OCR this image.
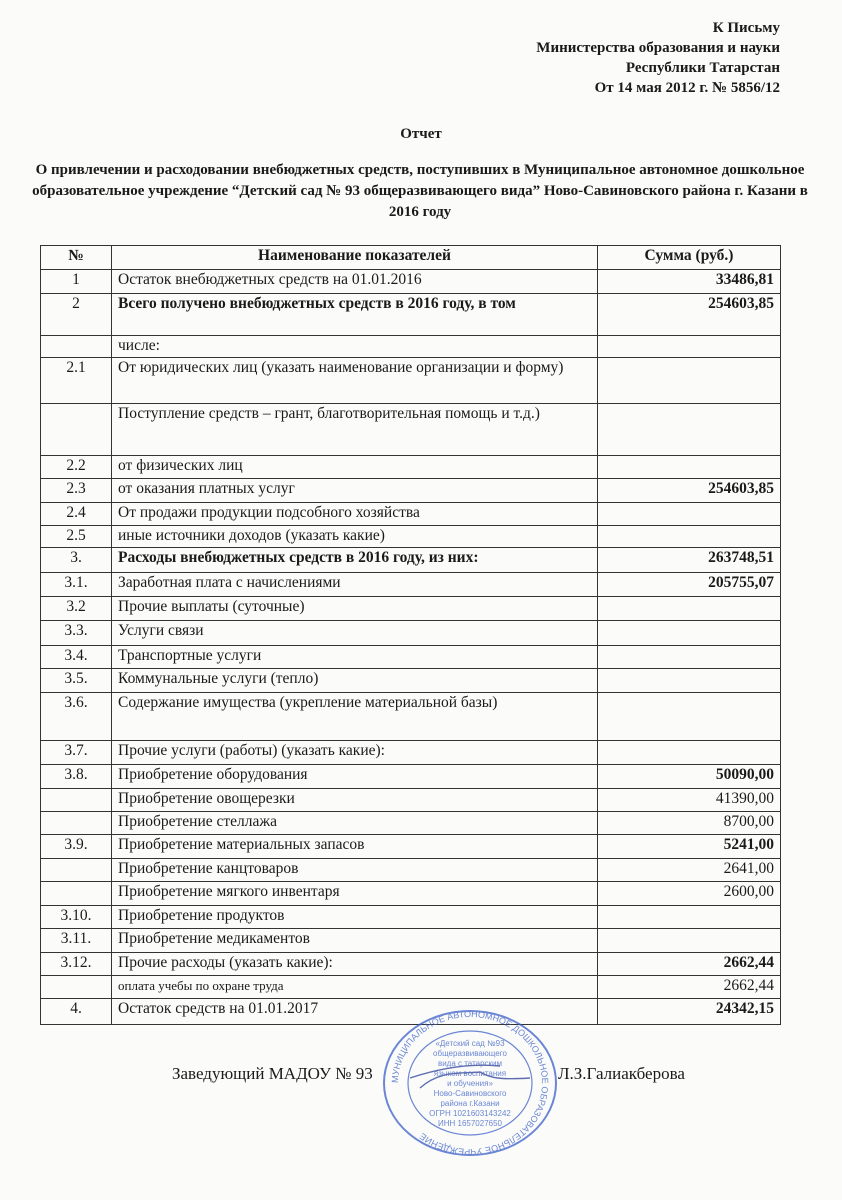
К Письму
Министерства образования и науки
Республики Татарстан
От 14 мая 2012 г. № 5856/12
Отчет
О привлечении и расходовании внебюджетных средств, поступивших в Муниципальное автономное дошкольное образовательное учреждение “Детский сад № 93 общеразвивающего вида” Ново-Савиновского района г. Казани в 2016 году
№	Наименование показателей	Сумма (руб.)
1	Остаток внебюджетных средств на 01.01.2016	33486,81
2	Всего получено внебюджетных средств в 2016 году, в том	254603,85
	числе:	
2.1	От юридических лиц (указать наименование организации и форму)	
	Поступление средств – грант, благотворительная помощь и т.д.)	
2.2	от физических лиц	
2.3	от оказания платных услуг	254603,85
2.4	От продажи продукции подсобного хозяйства	
2.5	иные источники доходов (указать какие)	
3.	Расходы внебюджетных средств в 2016 году, из них:	263748,51
3.1.	Заработная плата с начислениями	205755,07
3.2	Прочие выплаты (суточные)	
3.3.	Услуги связи	
3.4.	Транспортные услуги	
3.5.	Коммунальные услуги (тепло)	
3.6.	Содержание имущества (укрепление материальной базы)	
3.7.	Прочие услуги (работы) (указать какие):	
3.8.	Приобретение оборудования	50090,00
	Приобретение овощерезки	41390,00
	Приобретение стеллажа	8700,00
3.9.	Приобретение материальных запасов	5241,00
	Приобретение канцтоваров	2641,00
	Приобретение мягкого инвентаря	2600,00
3.10.	Приобретение продуктов	
3.11.	Приобретение медикаментов	
3.12.	Прочие расходы (указать какие):	2662,44
	оплата учебы по охране труда	2662,44
4.	Остаток средств на 01.01.2017	24342,15
Заведующий МАДОУ № 93	Л.З.Галиакберова
МУНИЦИПАЛЬНОЕ АВТОНОМНОЕ ДОШКОЛЬНОЕ ОБРАЗОВАТЕЛЬНОЕ УЧРЕЖДЕНИЕ
«Детский сад №93
общеразвивающего
вида с татарским
языком воспитания
и обучения»
Ново-Савиновского
района г.Казани
ОГРН 1021603143242
ИНН 1657027650
